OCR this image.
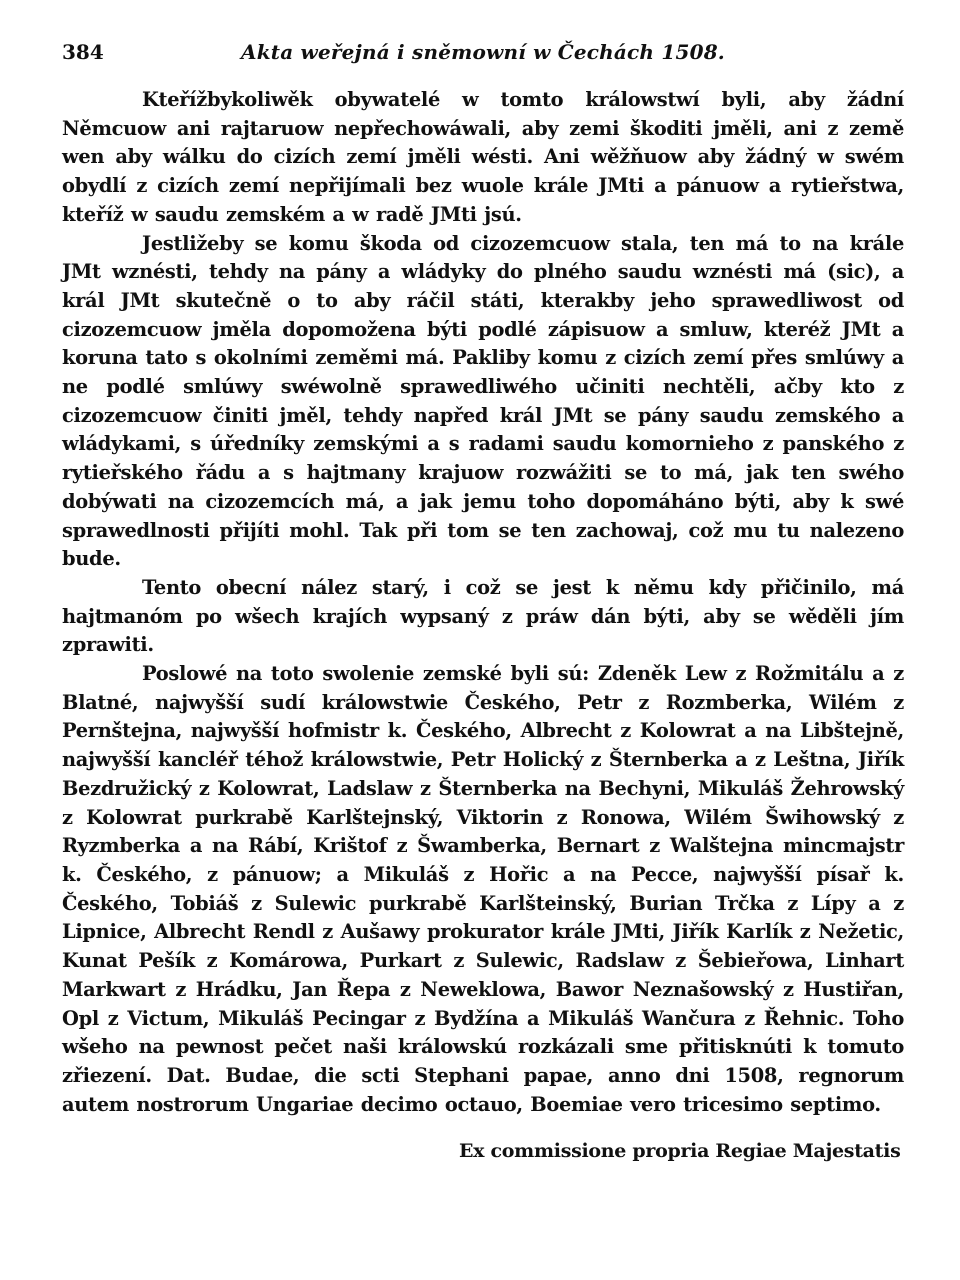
384	Akta weřejná i sněmowní w Čechách 1508.

Kteřížbykoliwěk obywatelé w tomto králowstwí byli, aby žádní Němcuow ani rajtaruow nepřechowáwali, aby zemi škoditi jměli, ani z země wen aby wálku do cizích zemí jměli wésti. Ani wěžňuow aby žádný w swém obydlí z cizích zemí nepřijímali bez wuole krále JMti a pánuow a rytieřstwa, kteříž w saudu zemském a w radě JMti jsú.

Jestližeby se komu škoda od cizozemcuow stala, ten má to na krále JMt wznésti, tehdy na pány a wládyky do plného saudu wznésti má (sic), a král JMt skutečně o to aby ráčil státi, kterakby jeho sprawedliwost od cizozemcuow jměla dopomožena býti podlé zápisuow a smluw, kteréž JMt a koruna tato s okolními zeměmi má. Pakliby komu z cizích zemí přes smlúwy a ne podlé smlúwy swéwolně sprawedliwého učiniti nechtěli, ačby kto z cizozemcuow činiti jměl, tehdy napřed král JMt se pány saudu zemského a wládykami, s úředníky zemskými a s radami saudu komornieho z panského z rytieřského řádu a s hajtmany krajuow rozwážiti se to má, jak ten swého dobýwati na cizozemcích má, a jak jemu toho dopomáháno býti, aby k swé sprawedlnosti přijíti mohl. Tak při tom se ten zachowaj, což mu tu nalezeno bude.

Tento obecní nález starý, i což se jest k němu kdy přičinilo, má hajtmanóm po wšech krajích wypsaný z práw dán býti, aby se wěděli jím zprawiti.

Poslowé na toto swolenie zemské byli sú: Zdeněk Lew z Rožmitálu a z Blatné, najwyšší sudí králowstwie Českého, Petr z Rozmberka, Wilém z Pernštejna, najwyšší hofmistr k. Českého, Albrecht z Kolowrat a na Libštejně, najwyšší kancléř téhož králowstwie, Petr Holický z Šternberka a z Leštna, Jiřík Bezdružický z Kolowrat, Ladslaw z Šternberka na Bechyni, Mikuláš Žehrowský z Kolowrat purkrabě Karlštejnský, Viktorin z Ronowa, Wilém Šwihowský z Ryzmberka a na Rábí, Krištof z Šwamberka, Bernart z Walštejna mincmajstr k. Českého, z pánuow; a Mikuláš z Hořic a na Pecce, najwyšší písař k. Českého, Tobiáš z Sulewic purkrabě Karlšteinský, Burian Trčka z Lípy a z Lipnice, Albrecht Rendl z Aušawy prokurator krále JMti, Jiřík Karlík z Nežetic, Kunat Pešík z Komárowa, Purkart z Sulewic, Radslaw z Šebieřowa, Linhart Markwart z Hrádku, Jan Řepa z Neweklowa, Bawor Neznašowský z Hustiřan, Opl z Victum, Mikuláš Pecingar z Bydžína a Mikuláš Wančura z Řehnic. Toho wšeho na pewnost pečet naši králowskú rozkázali sme přitisknúti k tomuto zřiezení. Dat. Budae, die scti Stephani papae, anno dni 1508, regnorum autem nostrorum Ungariae decimo octauo, Boemiae vero tricesimo septimo.

Ex commissione propria Regiae Majestatis
